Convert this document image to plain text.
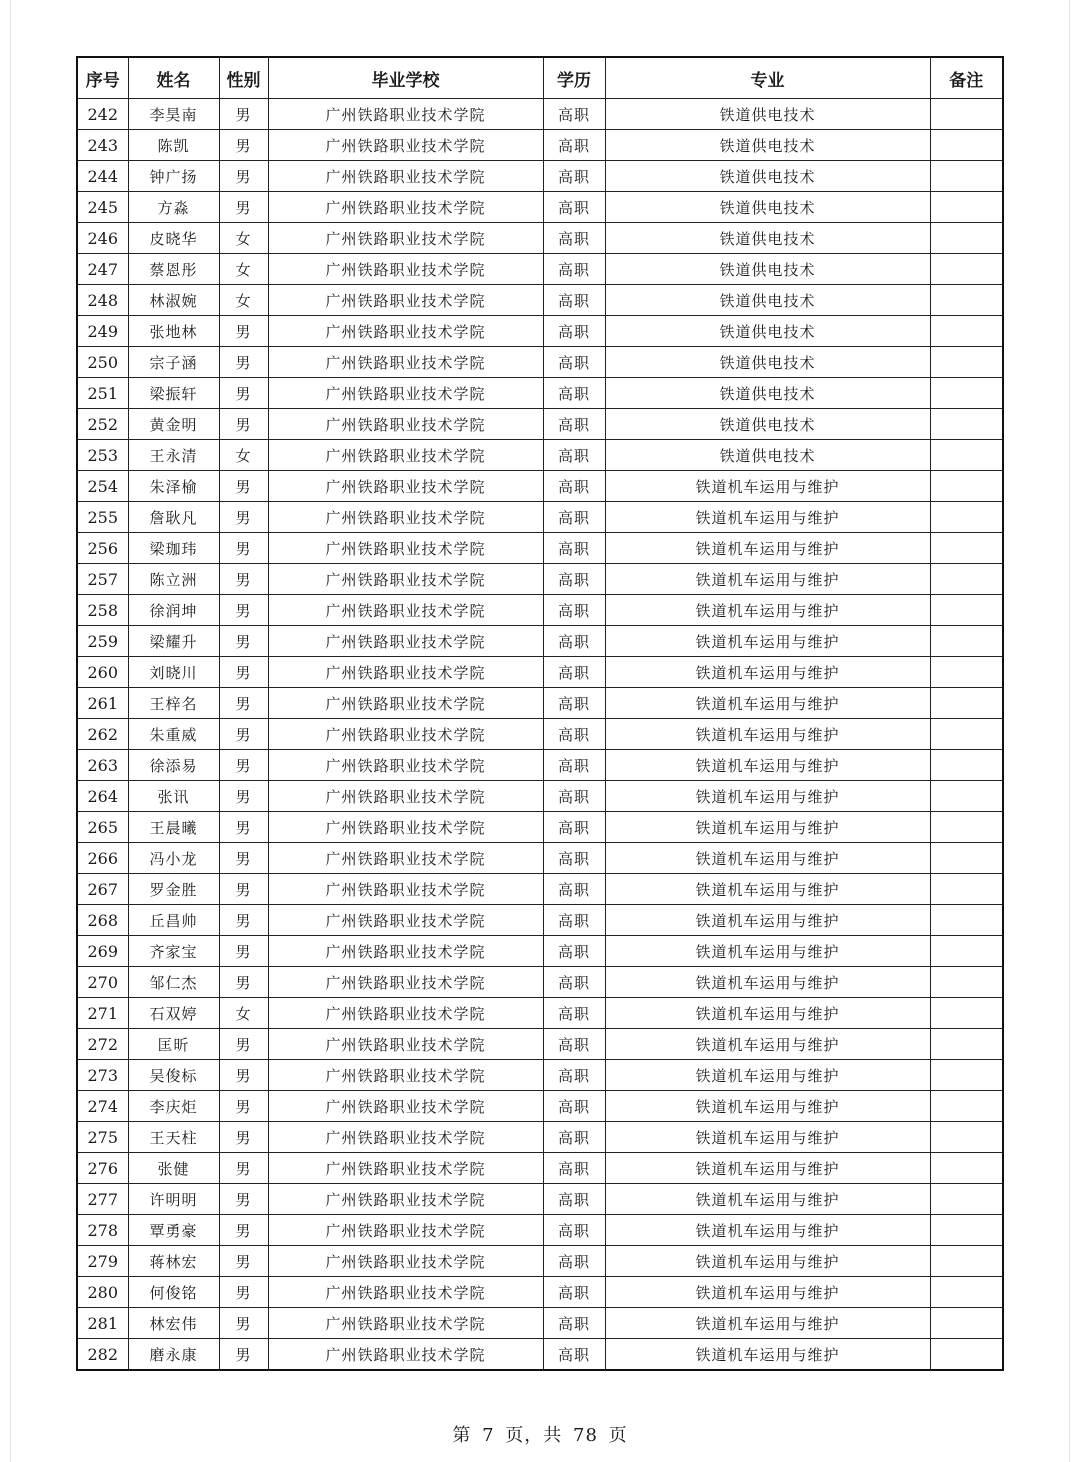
序号	姓名	性别	毕业学校	学历	专业	备注
242	李昊南	男	广州铁路职业技术学院	高职	铁道供电技术	
243	陈凯	男	广州铁路职业技术学院	高职	铁道供电技术	
244	钟广扬	男	广州铁路职业技术学院	高职	铁道供电技术	
245	方淼	男	广州铁路职业技术学院	高职	铁道供电技术	
246	皮晓华	女	广州铁路职业技术学院	高职	铁道供电技术	
247	蔡恩彤	女	广州铁路职业技术学院	高职	铁道供电技术	
248	林淑婉	女	广州铁路职业技术学院	高职	铁道供电技术	
249	张地林	男	广州铁路职业技术学院	高职	铁道供电技术	
250	宗子涵	男	广州铁路职业技术学院	高职	铁道供电技术	
251	梁振轩	男	广州铁路职业技术学院	高职	铁道供电技术	
252	黄金明	男	广州铁路职业技术学院	高职	铁道供电技术	
253	王永清	女	广州铁路职业技术学院	高职	铁道供电技术	
254	朱泽榆	男	广州铁路职业技术学院	高职	铁道机车运用与维护	
255	詹耿凡	男	广州铁路职业技术学院	高职	铁道机车运用与维护	
256	梁珈玮	男	广州铁路职业技术学院	高职	铁道机车运用与维护	
257	陈立洲	男	广州铁路职业技术学院	高职	铁道机车运用与维护	
258	徐润坤	男	广州铁路职业技术学院	高职	铁道机车运用与维护	
259	梁耀升	男	广州铁路职业技术学院	高职	铁道机车运用与维护	
260	刘晓川	男	广州铁路职业技术学院	高职	铁道机车运用与维护	
261	王梓名	男	广州铁路职业技术学院	高职	铁道机车运用与维护	
262	朱重威	男	广州铁路职业技术学院	高职	铁道机车运用与维护	
263	徐添易	男	广州铁路职业技术学院	高职	铁道机车运用与维护	
264	张讯	男	广州铁路职业技术学院	高职	铁道机车运用与维护	
265	王晨曦	男	广州铁路职业技术学院	高职	铁道机车运用与维护	
266	冯小龙	男	广州铁路职业技术学院	高职	铁道机车运用与维护	
267	罗金胜	男	广州铁路职业技术学院	高职	铁道机车运用与维护	
268	丘昌帅	男	广州铁路职业技术学院	高职	铁道机车运用与维护	
269	齐家宝	男	广州铁路职业技术学院	高职	铁道机车运用与维护	
270	邹仁杰	男	广州铁路职业技术学院	高职	铁道机车运用与维护	
271	石双婷	女	广州铁路职业技术学院	高职	铁道机车运用与维护	
272	匡昕	男	广州铁路职业技术学院	高职	铁道机车运用与维护	
273	吴俊标	男	广州铁路职业技术学院	高职	铁道机车运用与维护	
274	李庆炬	男	广州铁路职业技术学院	高职	铁道机车运用与维护	
275	王天柱	男	广州铁路职业技术学院	高职	铁道机车运用与维护	
276	张健	男	广州铁路职业技术学院	高职	铁道机车运用与维护	
277	许明明	男	广州铁路职业技术学院	高职	铁道机车运用与维护	
278	覃勇豪	男	广州铁路职业技术学院	高职	铁道机车运用与维护	
279	蒋林宏	男	广州铁路职业技术学院	高职	铁道机车运用与维护	
280	何俊铭	男	广州铁路职业技术学院	高职	铁道机车运用与维护	
281	林宏伟	男	广州铁路职业技术学院	高职	铁道机车运用与维护	
282	磨永康	男	广州铁路职业技术学院	高职	铁道机车运用与维护	
第 7 页，共 78 页
